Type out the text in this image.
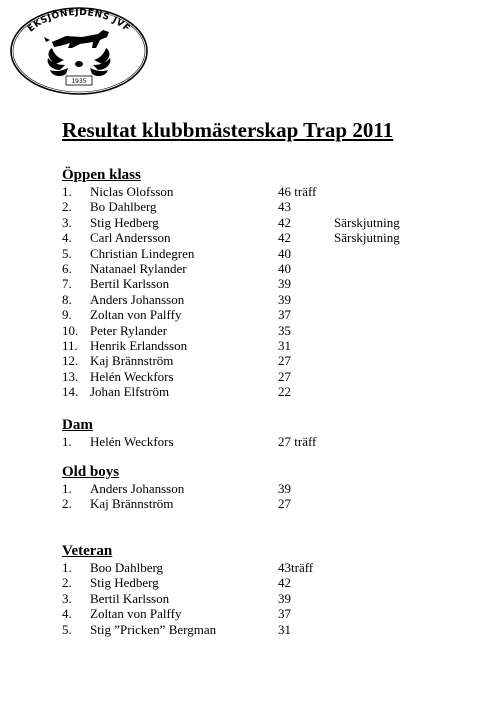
EKSJÖNEJDENS JVF
1935
Resultat klubbmästerskap Trap 2011
Öppen klass
1. Niclas Olofsson	46 träff
2. Bo Dahlberg	43
3. Stig Hedberg	42	Särskjutning
4. Carl Andersson	42	Särskjutning
5. Christian Lindegren	40
6. Natanael Rylander	40
7. Bertil Karlsson	39
8. Anders Johansson	39
9. Zoltan von Palffy	37
10. Peter Rylander	35
11. Henrik Erlandsson	31
12. Kaj Brännström	27
13. Helén Weckfors	27
14. Johan Elfström	22
Dam
1. Helén Weckfors	27 träff
Old boys
1. Anders Johansson	39
2. Kaj Brännström	27
Veteran
1. Boo Dahlberg	43träff
2. Stig Hedberg	42
3. Bertil Karlsson	39
4. Zoltan von Palffy	37
5. Stig ”Pricken” Bergman	31
